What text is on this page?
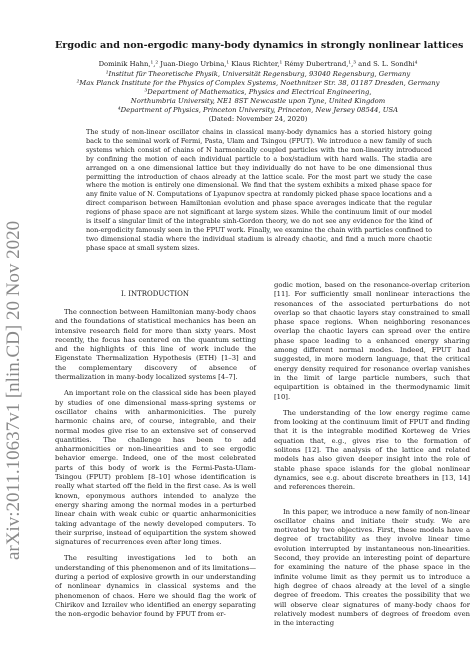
arXiv:2011.10637v1 [nlin.CD] 20 Nov 2020
Ergodic and non-ergodic many-body dynamics in strongly nonlinear lattices
Dominik Hahn,¹,² Juan-Diego Urbina,¹ Klaus Richter,¹ Rémy Dubertrand,¹,³ and S. L. Sondhi⁴
¹Institut für Theoretische Physik, Universität Regensburg, 93040 Regensburg, Germany
²Max Planck Institute for the Physics of Complex Systems, Noethnitzer Str. 38, 01187 Dresden, Germany
³Department of Mathematics, Physics and Electrical Engineering,
Northumbria University, NE1 8ST Newcastle upon Tyne, United Kingdom
⁴Department of Physics, Princeton University, Princeton, New Jersey 08544, USA
(Dated: November 24, 2020)
The study of non-linear oscillator chains in classical many-body dynamics has a storied history going back to the seminal work of Fermi, Pasta, Ulam and Tsingou (FPUT). We introduce a new family of such systems which consist of chains of N harmonically coupled particles with the non-linearity introduced by confining the motion of each individual particle to a box/stadium with hard walls. The stadia are arranged on a one dimensional lattice but they individually do not have to be one dimensional thus permitting the introduction of chaos already at the lattice scale. For the most part we study the case where the motion is entirely one dimensional. We find that the system exhibits a mixed phase space for any finite value of N. Computations of Lyapunov spectra at randomly picked phase space locations and a direct comparison between Hamiltonian evolution and phase space averages indicate that the regular regions of phase space are not significant at large system sizes. While the continuum limit of our model is itself a singular limit of the integrable sinh-Gordon theory, we do not see any evidence for the kind of non-ergodicity famously seen in the FPUT work. Finally, we examine the chain with particles confined to two dimensional stadia where the individual stadium is already chaotic, and find a much more chaotic phase space at small system sizes.
I. INTRODUCTION

The connection between Hamiltonian many-body chaos and the foundations of statistical mechanics has been an intensive research field for more than sixty years. Most recently, the focus has centered on the quantum setting and the highlights of this line of work include the Eigenstate Thermalization Hypothesis (ETH) [1–3] and the complementary discovery of absence of thermalization in many-body localized systems [4–7].

An important role on the classical side has been played by studies of one dimensional mass-spring systems or oscillator chains with anharmonicities. The purely harmonic chains are, of course, integrable, and their normal modes give rise to an extensive set of conserved quantities. The challenge has been to add anharmonicities or non-linearities and to see ergodic behavior emerge. Indeed, one of the most celebrated parts of this body of work is the Fermi-Pasta-Ulam-Tsingou (FPUT) problem [8–10] whose identification is really what started off the field in the first case. As is well known, eponymous authors intended to analyze the energy sharing among the normal modes in a perturbed linear chain with weak cubic or quartic anharmonicities taking advantage of the newly developed computers. To their surprise, instead of equipartition the system showed signatures of recurrences even after long times.

The resulting investigations led to both an understanding of this phenomenon and of its limitations—during a period of explosive growth in our understanding of nonlinear dynamics in classical systems and the phenomenon of chaos. Here we should flag the work of Chirikov and Izrailev who identified an energy separating the non-ergodic behavior found by FPUT from er-

godic motion, based on the resonance-overlap criterion [11]. For sufficiently small nonlinear interactions the resonances of the associated perturbations do not overlap so that chaotic layers stay constrained to small phase space regions. When neighboring resonances overlap the chaotic layers can spread over the entire phase space leading to a enhanced energy sharing among different normal modes. Indeed, FPUT had suggested, in more modern language, that the critical energy density required for resonance overlap vanishes in the limit of large particle numbers, such that equipartition is obtained in the thermodynamic limit [10].

The understanding of the low energy regime came from looking at the continuum limit of FPUT and finding that it is the integrable modified Korteweg de Vries equation that, e.g., gives rise to the formation of solitons [12]. The analysis of the lattice and related models has also given deeper insight into the role of stable phase space islands for the global nonlinear dynamics, see e.g. about discrete breathers in [13, 14] and references therein.

In this paper, we introduce a new family of non-linear oscillator chains and initiate their study. We are motivated by two objectives. First, these models have a degree of tractability as they involve linear time evolution interrupted by instantaneous non-linearities. Second, they provide an interesting point of departure for examining the nature of the phase space in the infinite volume limit as they permit us to introduce a high degree of chaos already at the level of a single degree of freedom. This creates the possibility that we will observe clear signatures of many-body chaos for relatively modest numbers of degrees of freedom even in the interacting
